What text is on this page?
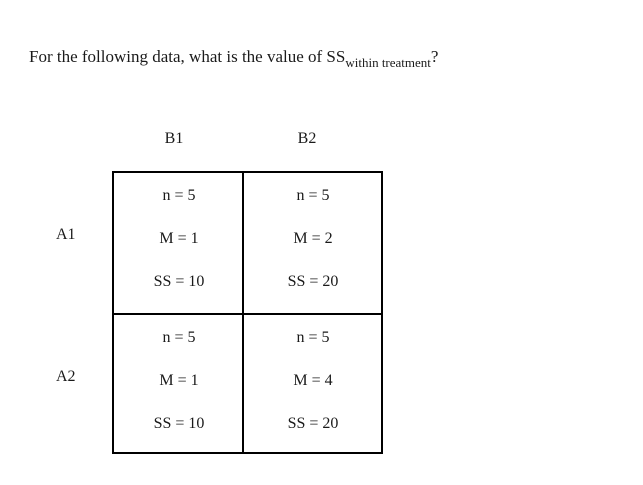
For the following data, what is the value of $SS_{within treatment}$?
B1	B2
A1
A2
n = 5
M = 1
SS = 10
n = 5
M = 2
SS = 20
n = 5
M = 1
SS = 10
n = 5
M = 4
SS = 20
